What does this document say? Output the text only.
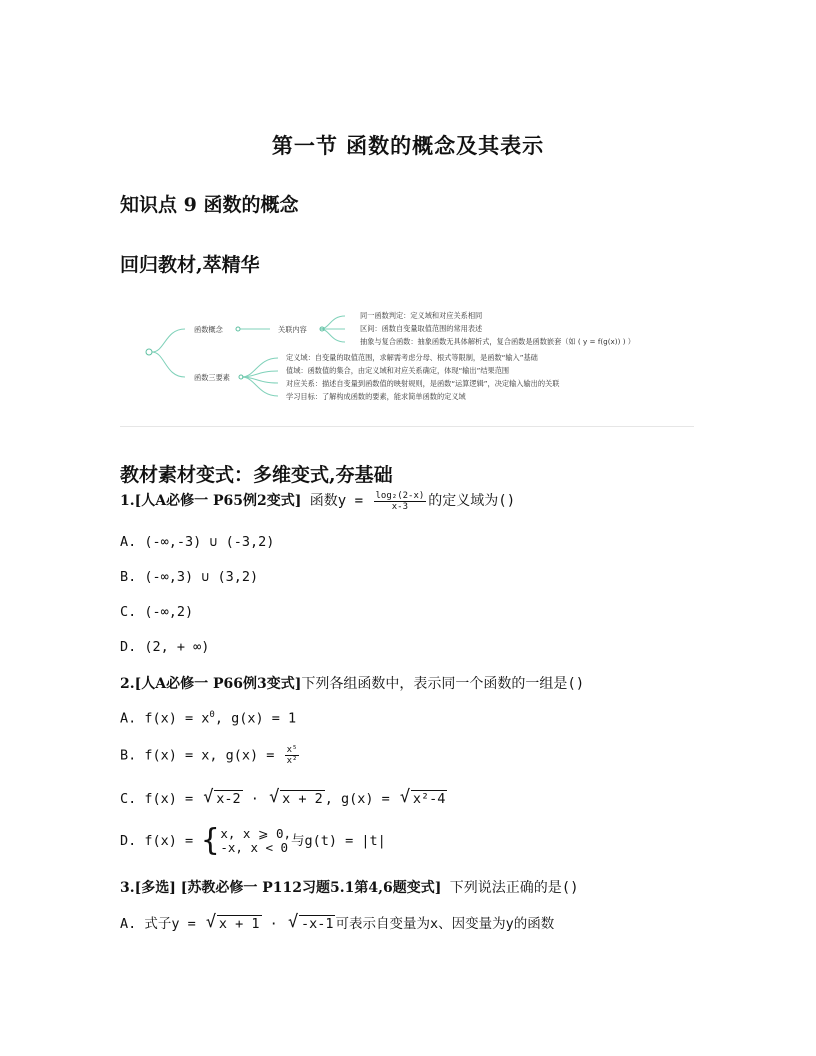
第一节 函数的概念及其表示
知识点 9 函数的概念
回归教材,萃精华
函数概念	关联内容
同一函数判定：定义域和对应关系相同
区间：函数自变量取值范围的常用表述
抽象与复合函数：抽象函数无具体解析式，复合函数是函数嵌套（如 ( y = f(g(x)) ) ）
函数三要素
定义域：自变量的取值范围，求解需考虑分母、根式等限制，是函数“输入”基础
值域：函数值的集合，由定义域和对应关系确定，体现“输出”结果范围
对应关系：描述自变量到函数值的映射规则，是函数“运算逻辑”，决定输入输出的关联
学习目标：了解构成函数的要素，能求简单函数的定义域
教材素材变式：多维变式,夯基础
1.[人A必修一 P65例2变式] 函数$y = \frac{\text{log₂(2-x)}}{x-3}$ 的定义域为()
A. (-∞,-3) ∪ (-3,2)
B. (-∞,3) ∪ (3,2)
C. (-∞,2)
D. (2, + ∞)
2.[人A必修一 P66例3变式]下列各组函数中，表示同一个函数的一组是()
A. $f(x) = x^0$, g(x) = 1
B. f(x) = x, $g(x) = \frac{\text{x⁵}}{\text{x²}}$
C. f(x) = √ x-2 · √ x + 2 , g(x) = √ x²-4
D. f(x) = { x, x ⩾ 0,
-x, x < 0 与g(t) = |t|
3.[多选] [苏教必修一 P112习题5.1第4,6题变式] 下列说法正确的是()
A. 式子y = √ x + 1 · √ -x-1 可表示自变量为x、因变量为y的函数
